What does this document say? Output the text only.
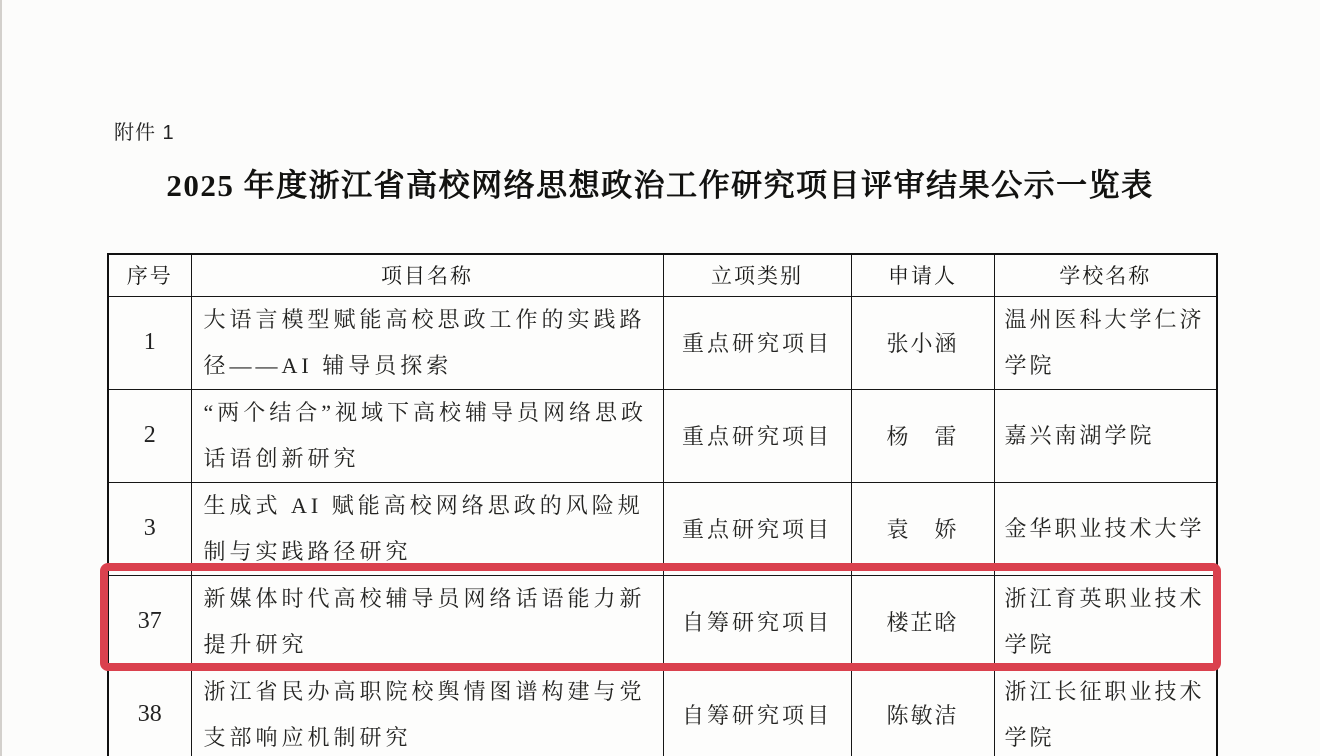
附件 1
2025 年度浙江省高校网络思想政治工作研究项目评审结果公示一览表
序号	项目名称	立项类别	申请人	学校名称
1	大语言模型赋能高校思政工作的实践路径——AI 辅导员探索	重点研究项目	张小涵	温州医科大学仁济学院
2	“两个结合”视域下高校辅导员网络思政话语创新研究	重点研究项目	杨　雷	嘉兴南湖学院
3	生成式 AI 赋能高校网络思政的风险规制与实践路径研究	重点研究项目	袁　娇	金华职业技术大学
37	新媒体时代高校辅导员网络话语能力新提升研究	自筹研究项目	楼芷晗	浙江育英职业技术学院
38	浙江省民办高职院校舆情图谱构建与党支部响应机制研究	自筹研究项目	陈敏洁	浙江长征职业技术学院
